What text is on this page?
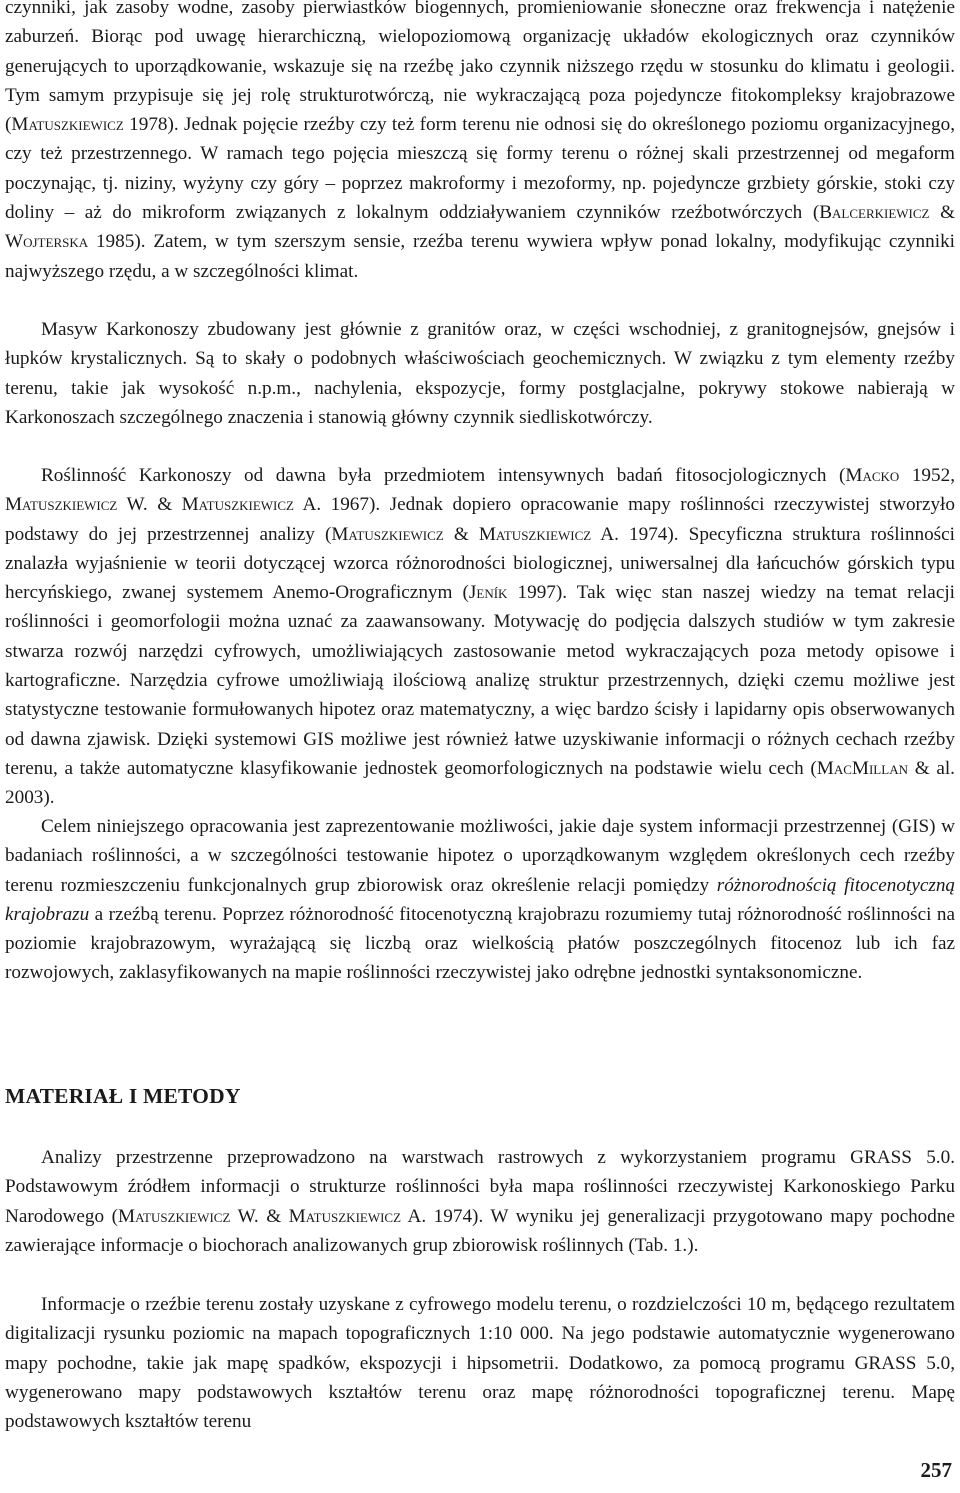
czynniki, jak zasoby wodne, zasoby pierwiastków biogennych, promieniowanie słoneczne oraz frekwencja i natężenie zaburzeń. Biorąc pod uwagę hierarchiczną, wielopoziomową organizację układów ekologicznych oraz czynników generujących to uporządkowanie, wskazuje się na rzeźbę jako czynnik niższego rzędu w stosunku do klimatu i geologii. Tym samym przypisuje się jej rolę strukturotwórczą, nie wykraczającą poza pojedyncze fitokompleksy krajobrazowe (Matuszkiewicz 1978). Jednak pojęcie rzeźby czy też form terenu nie odnosi się do określonego poziomu organizacyjnego, czy też przestrzennego. W ramach tego pojęcia mieszczą się formy terenu o różnej skali przestrzennej od megaform poczynając, tj. niziny, wyżyny czy góry – poprzez makroformy i mezoformy, np. pojedyncze grzbiety górskie, stoki czy doliny – aż do mikroform związanych z lokalnym oddziaływaniem czynników rzeźbotwórczych (Balcerkiewicz & Wojterska 1985). Zatem, w tym szerszym sensie, rzeźba terenu wywiera wpływ ponad lokalny, modyfikując czynniki najwyższego rzędu, a w szczególności klimat.

Masyw Karkonoszy zbudowany jest głównie z granitów oraz, w części wschodniej, z granitognejsów, gnejsów i łupków krystalicznych. Są to skały o podobnych właściwościach geochemicznych. W związku z tym elementy rzeźby terenu, takie jak wysokość n.p.m., nachylenia, ekspozycje, formy postglacjalne, pokrywy stokowe nabierają w Karkonoszach szczególnego znaczenia i stanowią główny czynnik siedliskotwórczy.

Roślinność Karkonoszy od dawna była przedmiotem intensywnych badań fitosocjologicznych (Macko 1952, Matuszkiewicz W. & Matuszkiewicz A. 1967). Jednak dopiero opracowanie mapy roślinności rzeczywistej stworzyło podstawy do jej przestrzennej analizy (Matuszkiewicz & Matuszkiewicz A. 1974). Specyficzna struktura roślinności znalazła wyjaśnienie w teorii dotyczącej wzorca różnorodności biologicznej, uniwersalnej dla łańcuchów górskich typu hercyńskiego, zwanej systemem Anemo-Orograficznym (Jeník 1997). Tak więc stan naszej wiedzy na temat relacji roślinności i geomorfologii można uznać za zaawansowany. Motywację do podjęcia dalszych studiów w tym zakresie stwarza rozwój narzędzi cyfrowych, umożliwiających zastosowanie metod wykraczających poza metody opisowe i kartograficzne. Narzędzia cyfrowe umożliwiają ilościową analizę struktur przestrzennych, dzięki czemu możliwe jest statystyczne testowanie formułowanych hipotez oraz matematyczny, a więc bardzo ścisły i lapidarny opis obserwowanych od dawna zjawisk. Dzięki systemowi GIS możliwe jest również łatwe uzyskiwanie informacji o różnych cechach rzeźby terenu, a także automatyczne klasyfikowanie jednostek geomorfologicznych na podstawie wielu cech (MacMillan & al. 2003).

Celem niniejszego opracowania jest zaprezentowanie możliwości, jakie daje system informacji przestrzennej (GIS) w badaniach roślinności, a w szczególności testowanie hipotez o uporządkowanym względem określonych cech rzeźby terenu rozmieszczeniu funkcjonalnych grup zbiorowisk oraz określenie relacji pomiędzy różnorodnością fitocenotyczną krajobrazu a rzeźbą terenu. Poprzez różnorodność fitocenotyczną krajobrazu rozumiemy tutaj różnorodność roślinności na poziomie krajobrazowym, wyrażającą się liczbą oraz wielkością płatów poszczególnych fitocenoz lub ich faz rozwojowych, zaklasyfikowanych na mapie roślinności rzeczywistej jako odrębne jednostki syntaksonomiczne.

MATERIAŁ I METODY

Analizy przestrzenne przeprowadzono na warstwach rastrowych z wykorzystaniem programu GRASS 5.0. Podstawowym źródłem informacji o strukturze roślinności była mapa roślinności rzeczywistej Karkonoskiego Parku Narodowego (Matuszkiewicz W. & Matuszkiewicz A. 1974). W wyniku jej generalizacji przygotowano mapy pochodne zawierające informacje o biochorach analizowanych grup zbiorowisk roślinnych (Tab. 1.).

Informacje o rzeźbie terenu zostały uzyskane z cyfrowego modelu terenu, o rozdzielczości 10 m, będącego rezultatem digitalizacji rysunku poziomic na mapach topograficznych 1:10 000. Na jego podstawie automatycznie wygenerowano mapy pochodne, takie jak mapę spadków, ekspozycji i hipsometrii. Dodatkowo, za pomocą programu GRASS 5.0, wygenerowano mapy podstawowych kształtów terenu oraz mapę różnorodności topograficznej terenu. Mapę podstawowych kształtów terenu

257
